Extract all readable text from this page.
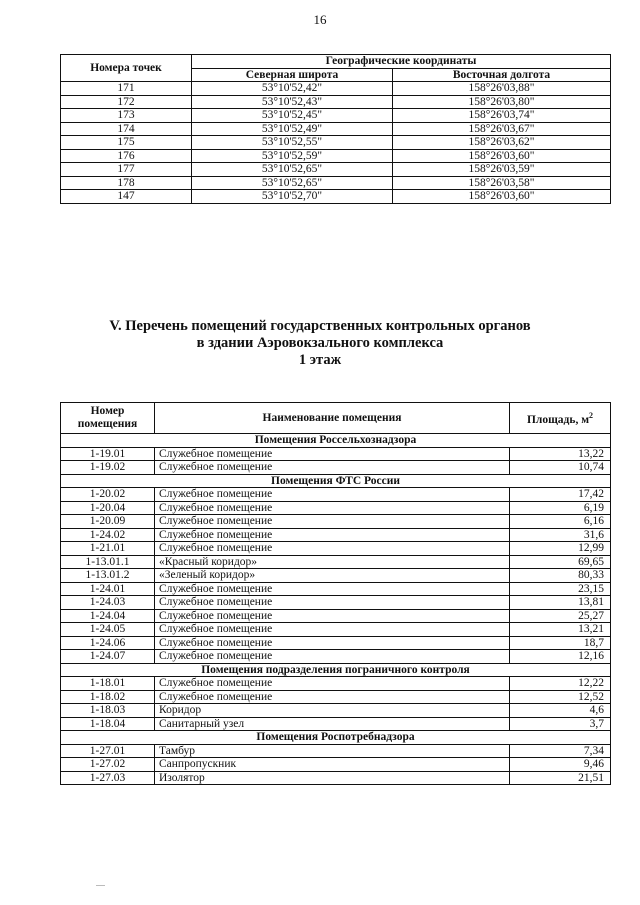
16
Номера точек	Географические координаты	
	Северная широта	Восточная долгота
171	53°10'52,42"	158°26'03,88"
172	53°10'52,43"	158°26'03,80"
173	53°10'52,45"	158°26'03,74"
174	53°10'52,49"	158°26'03,67"
175	53°10'52,55"	158°26'03,62"
176	53°10'52,59"	158°26'03,60"
177	53°10'52,65"	158°26'03,59"
178	53°10'52,65"	158°26'03,58"
147	53°10'52,70"	158°26'03,60"
V. Перечень помещений государственных контрольных органов
в здании Аэровокзального комплекса
1 этаж
Номер
помещения	Наименование помещения	Площадь, $м^2$
Помещения Россельхознадзора		
1-19.01	Служебное помещение	13,22
1-19.02	Служебное помещение	10,74
Помещения ФТС России		
1-20.02	Служебное помещение	17,42
1-20.04	Служебное помещение	6,19
1-20.09	Служебное помещение	6,16
1-24.02	Служебное помещение	31,6
1-21.01	Служебное помещение	12,99
1-13.01.1	«Красный коридор»	69,65
1-13.01.2	«Зеленый коридор»	80,33
1-24.01	Служебное помещение	23,15
1-24.03	Служебное помещение	13,81
1-24.04	Служебное помещение	25,27
1-24.05	Служебное помещение	13,21
1-24.06	Служебное помещение	18,7
1-24.07	Служебное помещение	12,16
Помещения подразделения пограничного контроля		
1-18.01	Служебное помещение	12,22
1-18.02	Служебное помещение	12,52
1-18.03	Коридор	4,6
1-18.04	Санитарный узел	3,7
Помещения Роспотребнадзора		
1-27.01	Тамбур	7,34
1-27.02	Санпропускник	9,46
1-27.03	Изолятор	21,51
